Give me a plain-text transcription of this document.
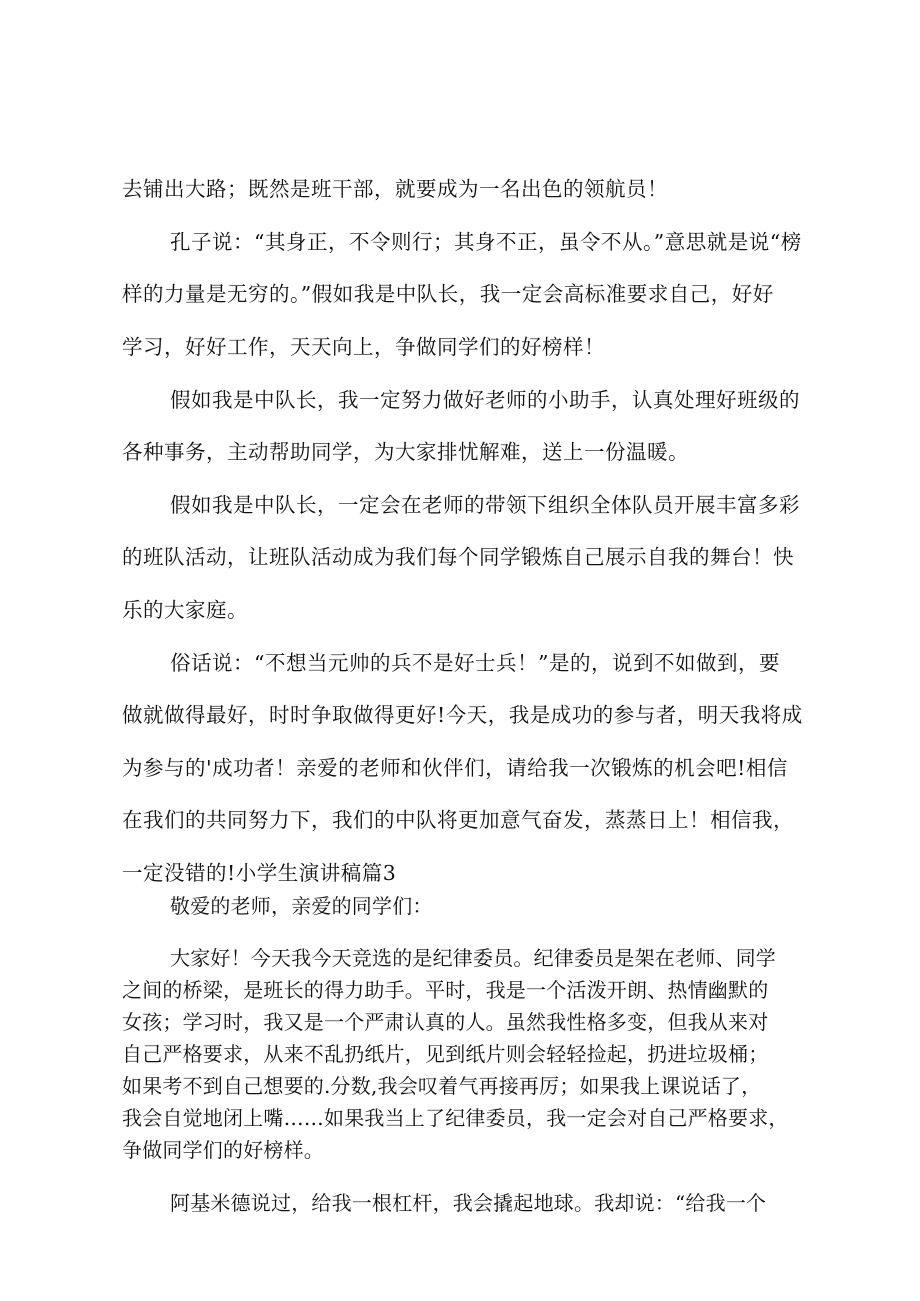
去铺出大路；既然是班干部，就要成为一名出色的领航员！
孔子说：“其身正，不令则行；其身不正，虽令不从。”意思就是说“榜
样的力量是无穷的。”假如我是中队长，我一定会高标准要求自己，好好
学习，好好工作，天天向上，争做同学们的好榜样！
假如我是中队长，我一定努力做好老师的小助手，认真处理好班级的
各种事务，主动帮助同学，为大家排忧解难，送上一份温暖。
假如我是中队长，一定会在老师的带领下组织全体队员开展丰富多彩
的班队活动，让班队活动成为我们每个同学锻炼自己展示自我的舞台！快
乐的大家庭。
俗话说：“不想当元帅的兵不是好士兵！”是的，说到不如做到，要
做就做得最好，时时争取做得更好!今天，我是成功的参与者，明天我将成
为参与的'成功者！亲爱的老师和伙伴们，请给我一次锻炼的机会吧!相信
在我们的共同努力下，我们的中队将更加意气奋发，蒸蒸日上！相信我，
一定没错的!小学生演讲稿篇3
敬爱的老师，亲爱的同学们：
大家好！今天我今天竞选的是纪律委员。纪律委员是架在老师、同学
之间的桥梁，是班长的得力助手。平时，我是一个活泼开朗、热情幽默的
女孩；学习时，我又是一个严肃认真的人。虽然我性格多变，但我从来对
自己严格要求，从来不乱扔纸片，见到纸片则会轻轻捡起，扔进垃圾桶；
如果考不到自己想要的.分数,我会叹着气再接再厉；如果我上课说话了，
我会自觉地闭上嘴……如果我当上了纪律委员，我一定会对自己严格要求，
争做同学们的好榜样。
阿基米德说过，给我一根杠杆，我会撬起地球。我却说：“给我一个
